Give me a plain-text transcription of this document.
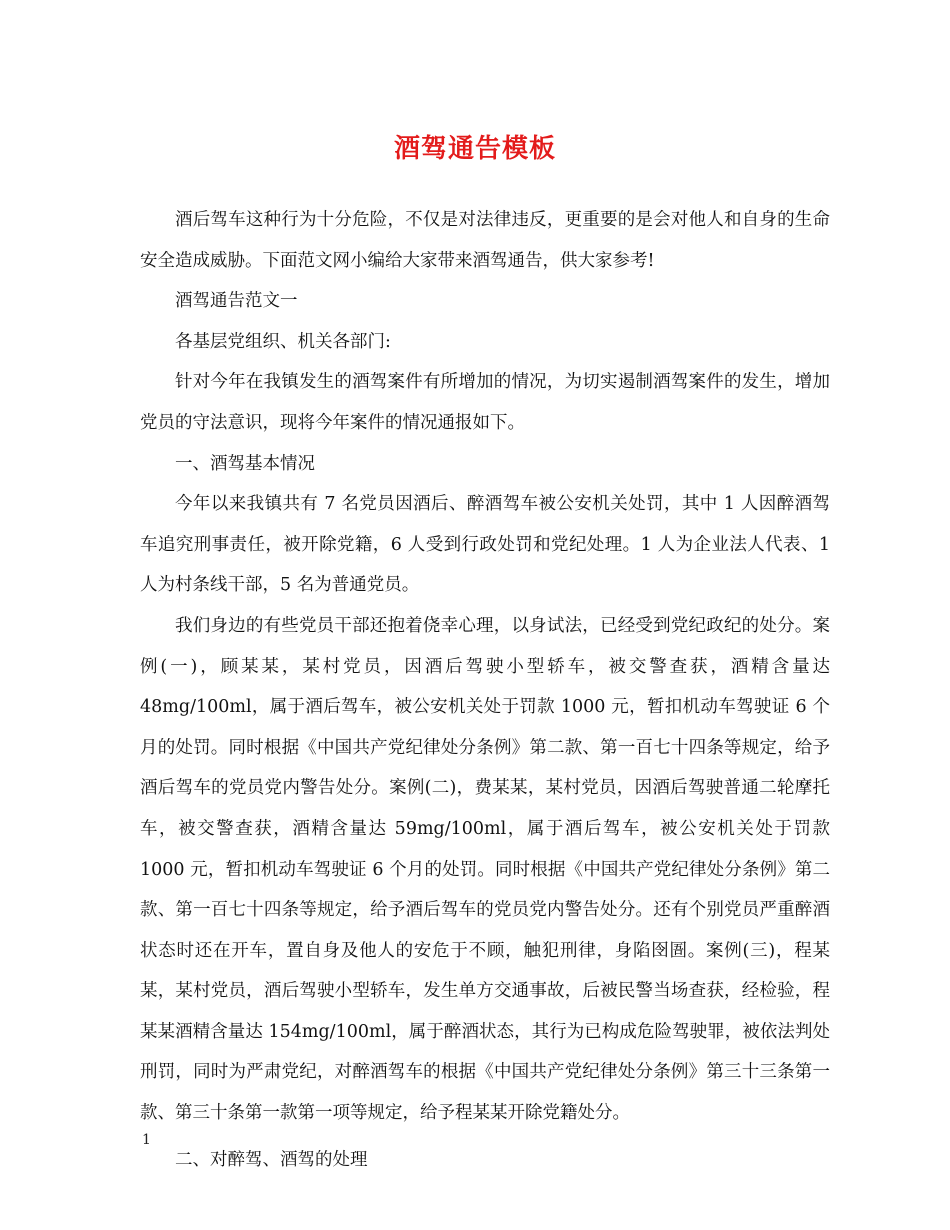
酒驾通告模板

酒后驾车这种行为十分危险，不仅是对法律违反，更重要的是会对他人和自身的生命安全造成威胁。下面范文网小编给大家带来酒驾通告，供大家参考!

酒驾通告范文一

各基层党组织、机关各部门:

针对今年在我镇发生的酒驾案件有所增加的情况，为切实遏制酒驾案件的发生，增加党员的守法意识，现将今年案件的情况通报如下。

一、酒驾基本情况

今年以来我镇共有 7 名党员因酒后、醉酒驾车被公安机关处罚，其中 1 人因醉酒驾车追究刑事责任，被开除党籍，6 人受到行政处罚和党纪处理。1 人为企业法人代表、1 人为村条线干部，5 名为普通党员。

我们身边的有些党员干部还抱着侥幸心理，以身试法，已经受到党纪政纪的处分。案例(一)，顾某某，某村党员，因酒后驾驶小型轿车，被交警查获，酒精含量达 48mg/100ml，属于酒后驾车，被公安机关处于罚款 1000 元，暂扣机动车驾驶证 6 个月的处罚。同时根据《中国共产党纪律处分条例》第二款、第一百七十四条等规定，给予酒后驾车的党员党内警告处分。案例(二)，费某某，某村党员，因酒后驾驶普通二轮摩托车，被交警查获，酒精含量达 59mg/100ml，属于酒后驾车，被公安机关处于罚款 1000 元，暂扣机动车驾驶证 6 个月的处罚。同时根据《中国共产党纪律处分条例》第二款、第一百七十四条等规定，给予酒后驾车的党员党内警告处分。还有个别党员严重醉酒状态时还在开车，置自身及他人的安危于不顾，触犯刑律，身陷囹圄。案例(三)，程某某，某村党员，酒后驾驶小型轿车，发生单方交通事故，后被民警当场查获，经检验，程某某酒精含量达 154mg/100ml，属于醉酒状态，其行为已构成危险驾驶罪，被依法判处刑罚，同时为严肃党纪，对醉酒驾车的根据《中国共产党纪律处分条例》第三十三条第一款、第三十条第一款第一项等规定，给予程某某开除党籍处分。

二、对醉驾、酒驾的处理

1
